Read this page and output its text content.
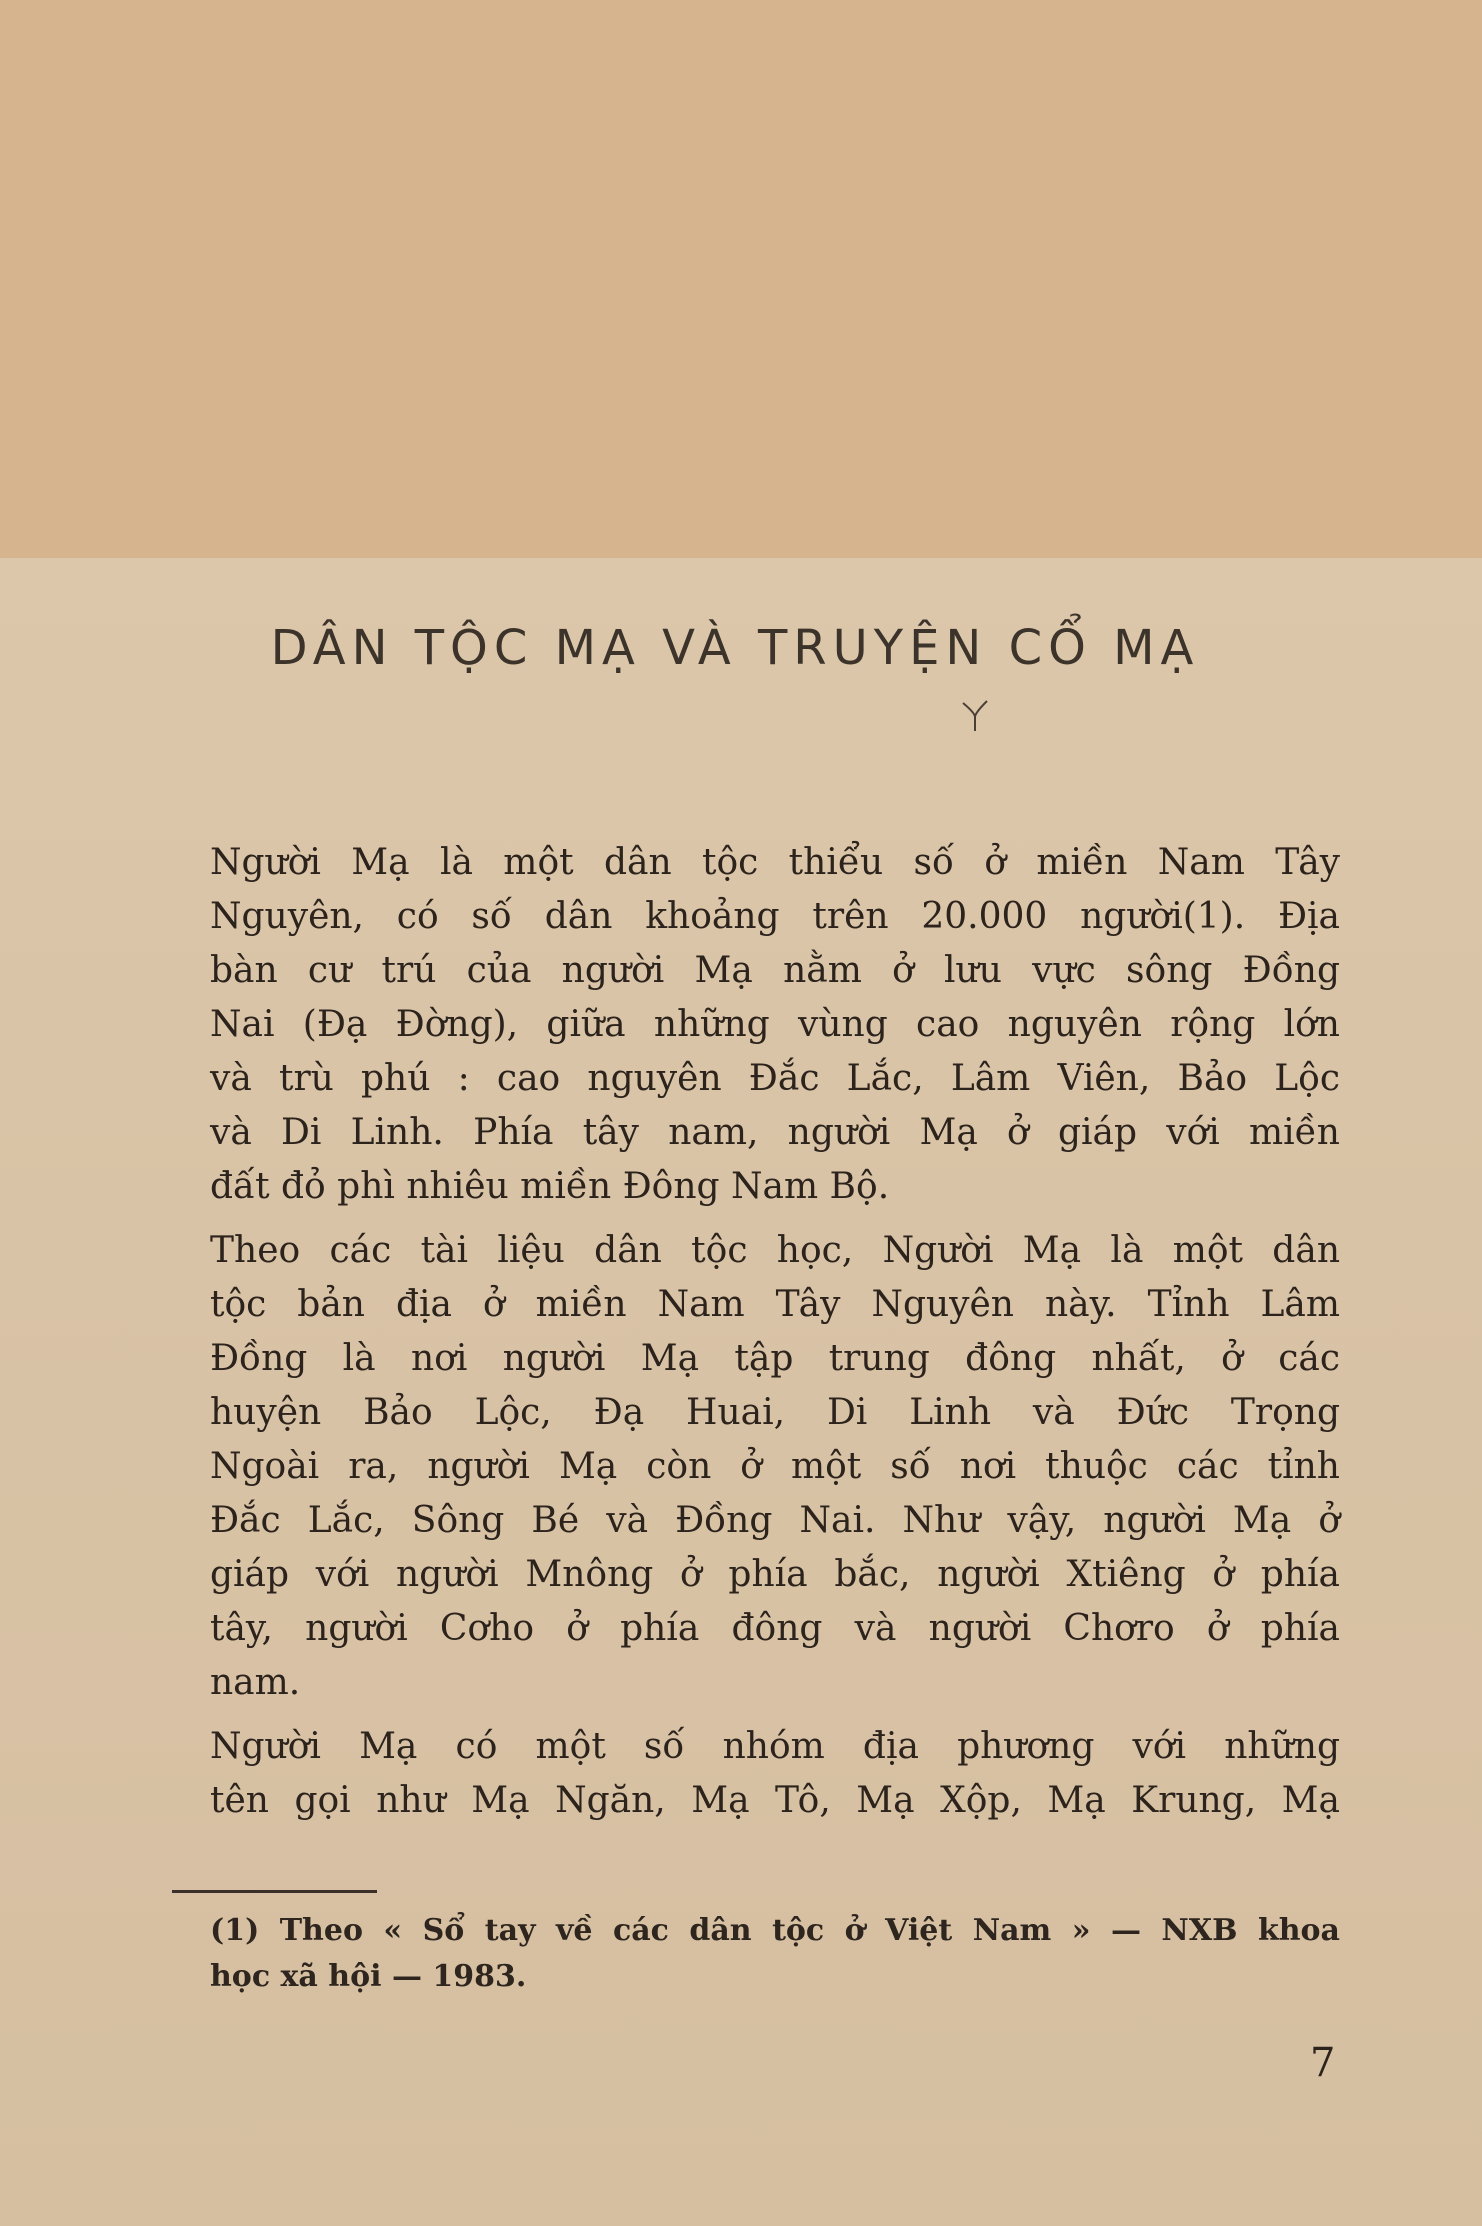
DÂN TỘC MẠ VÀ TRUYỆN CỔ MẠ
Người Mạ là một dân tộc thiểu số ở miền Nam Tây
Nguyên, có số dân khoảng trên 20.000 người(1). Địa
bàn cư trú của người Mạ nằm ở lưu vực sông Đồng
Nai (Đạ Đờng), giữa những vùng cao nguyên rộng lớn
và trù phú : cao nguyên Đắc Lắc, Lâm Viên, Bảo Lộc
và Di Linh. Phía tây nam, người Mạ ở giáp với miền
đất đỏ phì nhiêu miền Đông Nam Bộ.
Theo các tài liệu dân tộc học, Người Mạ là một dân
tộc bản địa ở miền Nam Tây Nguyên này. Tỉnh Lâm
Đồng là nơi người Mạ tập trung đông nhất, ở các
huyện Bảo Lộc, Đạ Huai, Di Linh và Đức Trọng
Ngoài ra, người Mạ còn ở một số nơi thuộc các tỉnh
Đắc Lắc, Sông Bé và Đồng Nai. Như vậy, người Mạ ở
giáp với người Mnông ở phía bắc, người Xtiêng ở phía
tây, người Cơho ở phía đông và người Chơro ở phía
nam.
Người Mạ có một số nhóm địa phương với những
tên gọi như Mạ Ngăn, Mạ Tô, Mạ Xộp, Mạ Krung, Mạ
(1) Theo « Sổ tay về các dân tộc ở Việt Nam » — NXB khoa
học xã hội — 1983.
7
